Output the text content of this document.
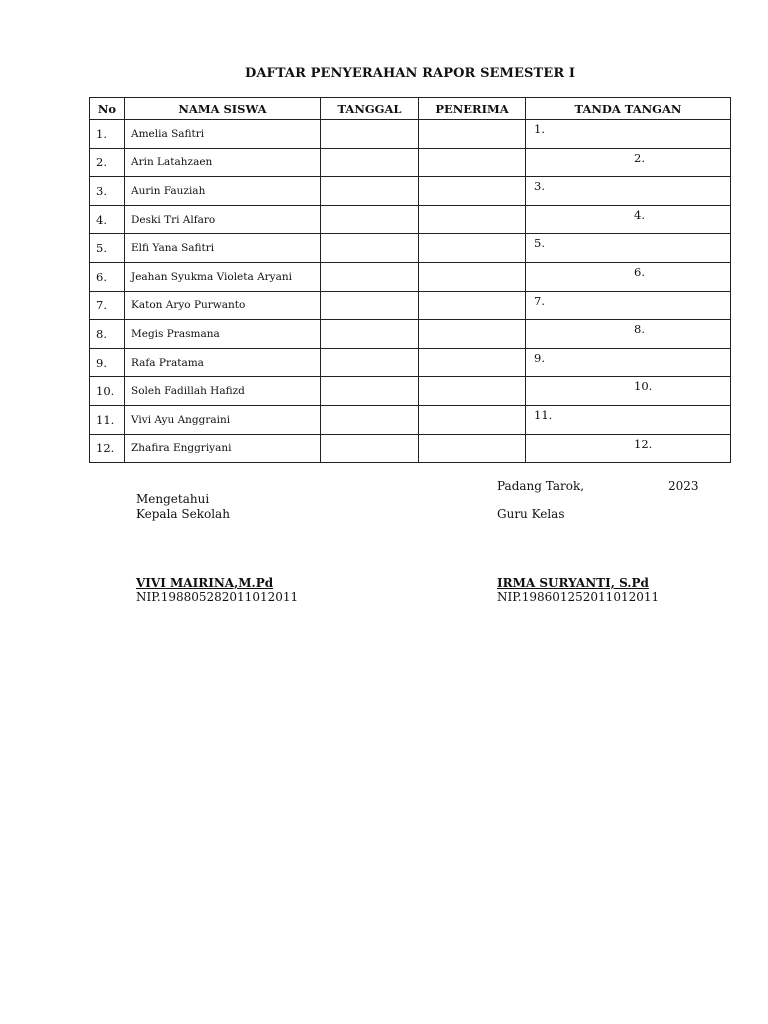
DAFTAR PENYERAHAN RAPOR SEMESTER I
No	NAMA SISWA	TANGGAL	PENERIMA	TANDA TANGAN
1.	Amelia Safitri			1.

2.	Arin Latahzaen			2.

3.	Aurin Fauziah			3.

4.	Deski Tri Alfaro			4.

5.	Elfi Yana Safitri			5.

6.	Jeahan Syukma Violeta Aryani			6.

7.	Katon Aryo Purwanto			7.

8.	Megis Prasmana			8.

9.	Rafa Pratama			9.

10.	Soleh Fadillah Hafizd			10.

11.	Vivi Ayu Anggraini			11.

12.	Zhafira Enggriyani			12.
Padang Tarok,	2023
Mengetahui
Kepala Sekolah	Guru Kelas
VIVI MAIRINA,M.Pd
NIP.198805282011012011
IRMA SURYANTI, S.Pd
NIP.198601252011012011
